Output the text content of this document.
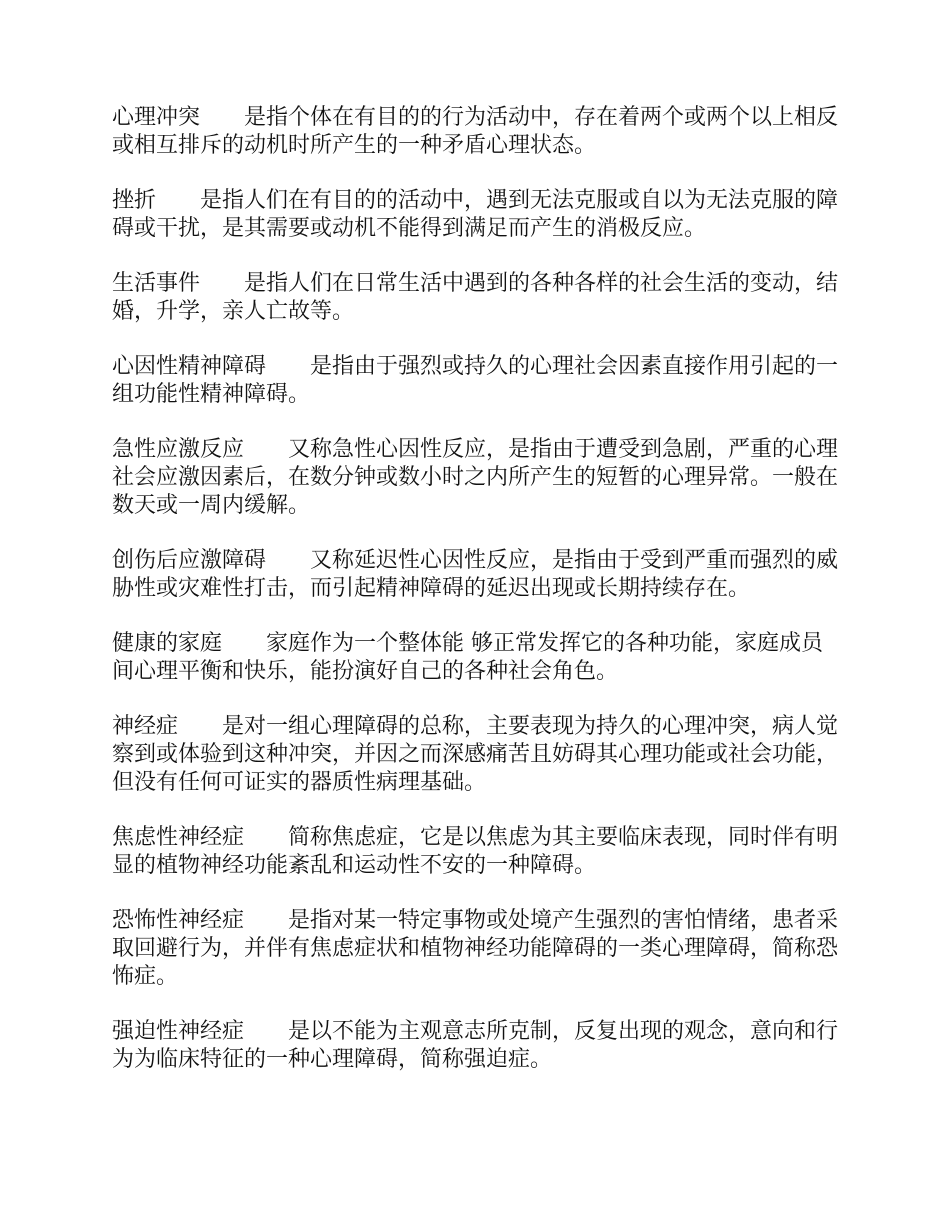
心理冲突 是指个体在有目的的行为活动中，存在着两个或两个以上相反或相互排斥的动机时所产生的一种矛盾心理状态。

挫折 是指人们在有目的的活动中，遇到无法克服或自以为无法克服的障碍或干扰，是其需要或动机不能得到满足而产生的消极反应。

生活事件 是指人们在日常生活中遇到的各种各样的社会生活的变动，结婚，升学，亲人亡故等。

心因性精神障碍 是指由于强烈或持久的心理社会因素直接作用引起的一组功能性精神障碍。

急性应激反应 又称急性心因性反应，是指由于遭受到急剧，严重的心理社会应激因素后，在数分钟或数小时之内所产生的短暂的心理异常。一般在数天或一周内缓解。

创伤后应激障碍 又称延迟性心因性反应，是指由于受到严重而强烈的威胁性或灾难性打击，而引起精神障碍的延迟出现或长期持续存在。

健康的家庭 家庭作为一个整体能 够正常发挥它的各种功能，家庭成员间心理平衡和快乐，能扮演好自己的各种社会角色。

神经症 是对一组心理障碍的总称，主要表现为持久的心理冲突，病人觉察到或体验到这种冲突，并因之而深感痛苦且妨碍其心理功能或社会功能，但没有任何可证实的器质性病理基础。

焦虑性神经症 简称焦虑症，它是以焦虑为其主要临床表现，同时伴有明显的植物神经功能紊乱和运动性不安的一种障碍。

恐怖性神经症 是指对某一特定事物或处境产生强烈的害怕情绪，患者采取回避行为，并伴有焦虑症状和植物神经功能障碍的一类心理障碍，简称恐怖症。

强迫性神经症 是以不能为主观意志所克制，反复出现的观念，意向和行为为临床特征的一种心理障碍，简称强迫症。
